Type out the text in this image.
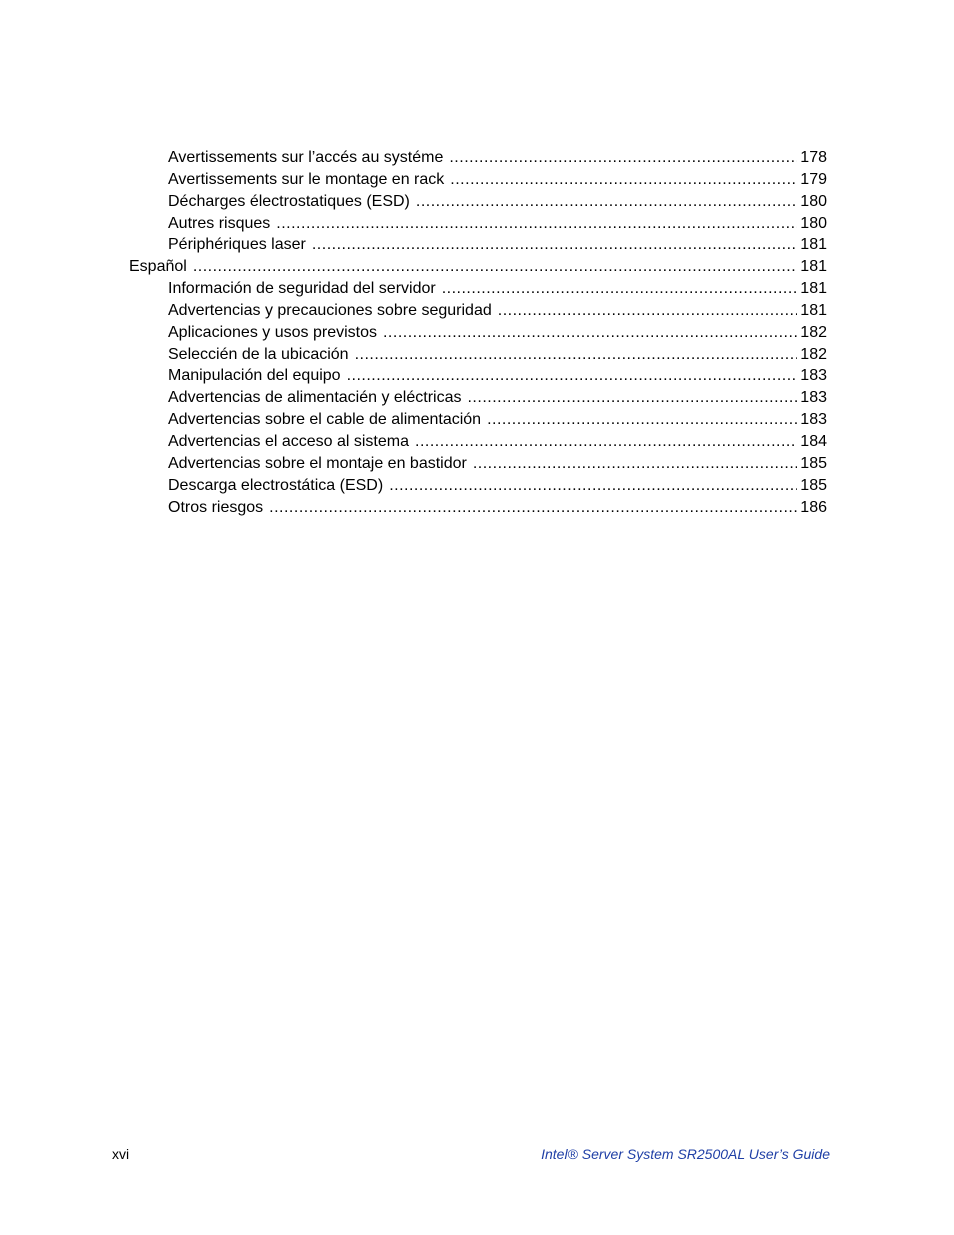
Avertissements sur l’accés au systéme .....	178
Avertissements sur le montage en rack .....	179
Décharges électrostatiques (ESD) .....	180
Autres risques .....	180
Périphériques laser .....	181
Español .....	181
Información de seguridad del servidor .....	181
Advertencias y precauciones sobre seguridad .....	181
Aplicaciones y usos previstos .....	182
Seleccién de la ubicación .....	182
Manipulación del equipo .....	183
Advertencias de alimentacién y eléctricas .....	183
Advertencias sobre el cable de alimentación .....	183
Advertencias el acceso al sistema .....	184
Advertencias sobre el montaje en bastidor .....	185
Descarga electrostática (ESD) .....	185
Otros riesgos .....	186
xvi	Intel® Server System SR2500AL User’s Guide
